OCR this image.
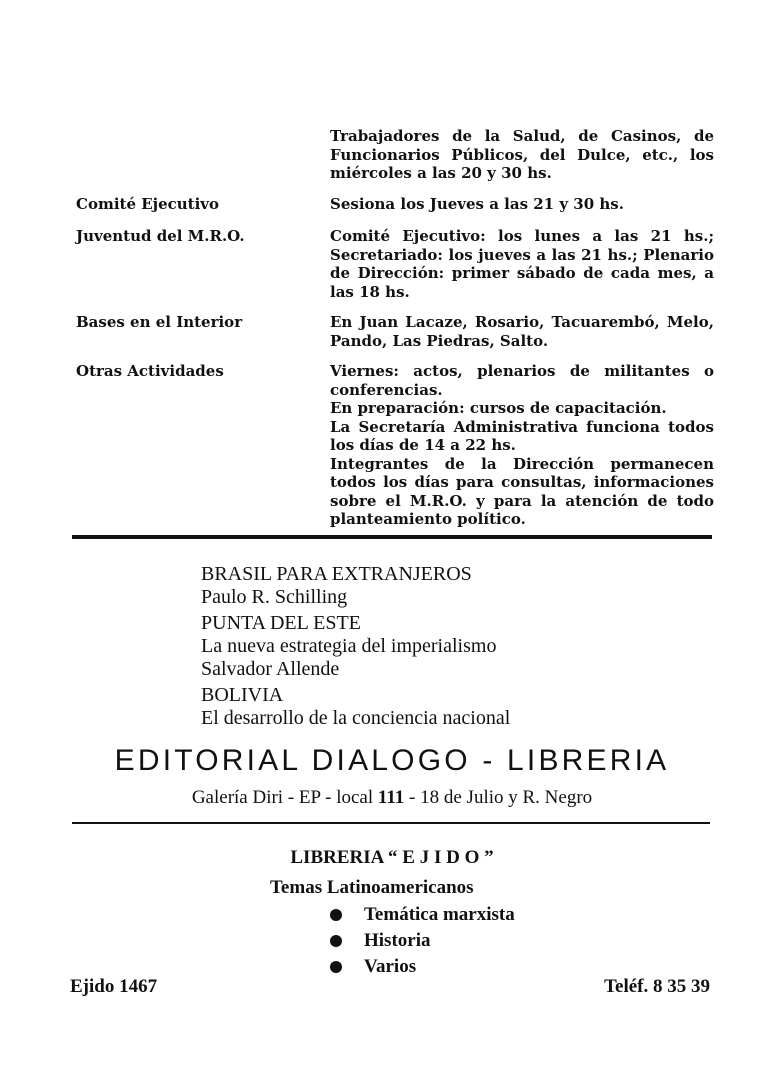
Trabajadores de la Salud, de Casinos, de Funcionarios Públicos, del Dulce, etc., los miércoles a las 20 y 30 hs.

Comité Ejecutivo	Sesiona los Jueves a las 21 y 30 hs.

Juventud del M.R.O.	Comité Ejecutivo: los lunes a las 21 hs.; Secretariado: los jueves a las 21 hs.; Plenario de Dirección: primer sábado de cada mes, a las 18 hs.

Bases en el Interior	En Juan Lacaze, Rosario, Tacuarembó, Melo, Pando, Las Piedras, Salto.

Otras Actividades	Viernes: actos, plenarios de militantes o conferencias.

En preparación: cursos de capacitación.

La Secretaría Administrativa funciona todos los días de 14 a 22 hs.

Integrantes de la Dirección permanecen todos los días para consultas, informaciones sobre el M.R.O. y para la atención de todo planteamiento político.

BRASIL PARA EXTRANJEROS
Paulo R. Schilling
PUNTA DEL ESTE
La nueva estrategia del imperialismo
Salvador Allende
BOLIVIA
El desarrollo de la conciencia nacional
EDITORIAL DIALOGO - LIBRERIA
Galería Diri - EP - local 111 - 18 de Julio y R. Negro
LIBRERIA “ E J I D O ”
Temas Latinoamericanos
Temática marxista
Historia
Varios
Ejido 1467	Teléf. 8 35 39
